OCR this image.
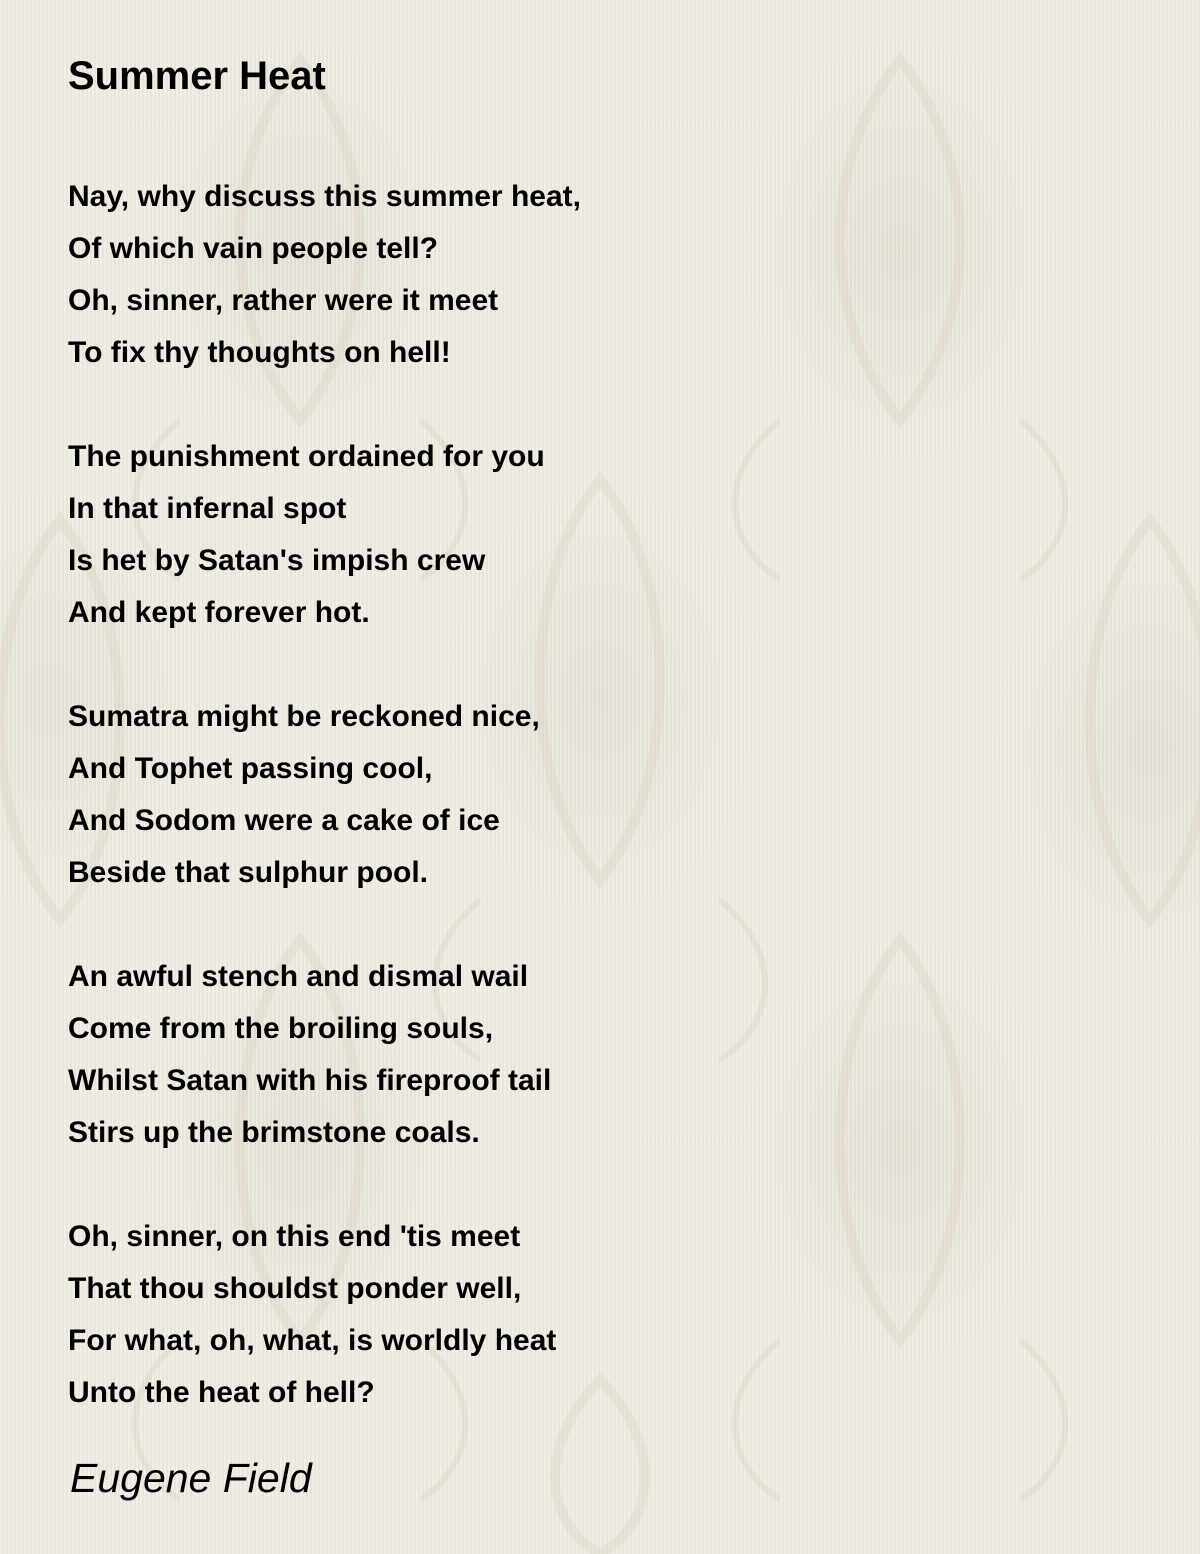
Summer Heat

Nay, why discuss this summer heat,
Of which vain people tell?
Oh, sinner, rather were it meet
To fix thy thoughts on hell!

The punishment ordained for you
In that infernal spot
Is het by Satan's impish crew
And kept forever hot.

Sumatra might be reckoned nice,
And Tophet passing cool,
And Sodom were a cake of ice
Beside that sulphur pool.

An awful stench and dismal wail
Come from the broiling souls,
Whilst Satan with his fireproof tail
Stirs up the brimstone coals.

Oh, sinner, on this end 'tis meet
That thou shouldst ponder well,
For what, oh, what, is worldly heat
Unto the heat of hell?

Eugene Field
